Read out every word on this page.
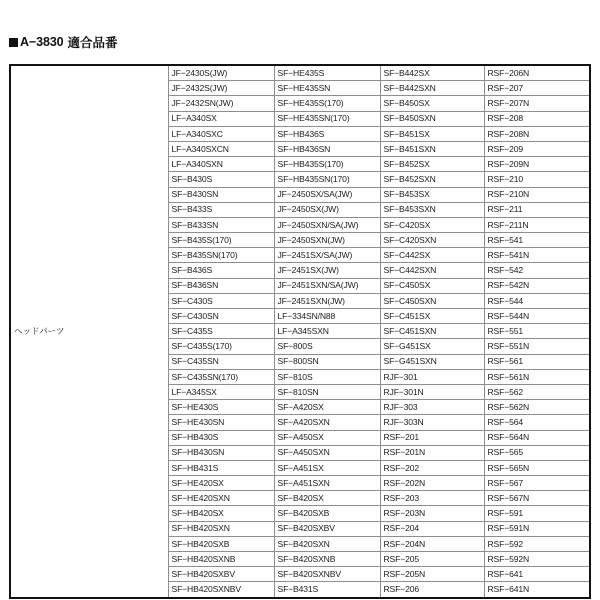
A−3830 適合品番
ヘッドパーツ	JF−2430S(JW)	SF−HE435S	SF−B442SX	RSF−206N
	JF−2432S(JW)	SF−HE435SN	SF−B442SXN	RSF−207
	JF−2432SN(JW)	SF−HE435S(170)	SF−B450SX	RSF−207N
	LF−A340SX	SF−HE435SN(170)	SF−B450SXN	RSF−208
	LF−A340SXC	SF−HB436S	SF−B451SX	RSF−208N
	LF−A340SXCN	SF−HB436SN	SF−B451SXN	RSF−209
	LF−A340SXN	SF−HB435S(170)	SF−B452SX	RSF−209N
	SF−B430S	SF−HB435SN(170)	SF−B452SXN	RSF−210
	SF−B430SN	JF−2450SX/SA(JW)	SF−B453SX	RSF−210N
	SF−B433S	JF−2450SX(JW)	SF−B453SXN	RSF−211
	SF−B433SN	JF−2450SXN/SA(JW)	SF−C420SX	RSF−211N
	SF−B435S(170)	JF−2450SXN(JW)	SF−C420SXN	RSF−541
	SF−B435SN(170)	JF−2451SX/SA(JW)	SF−C442SX	RSF−541N
	SF−B436S	JF−2451SX(JW)	SF−C442SXN	RSF−542
	SF−B436SN	JF−2451SXN/SA(JW)	SF−C450SX	RSF−542N
	SF−C430S	JF−2451SXN(JW)	SF−C450SXN	RSF−544
	SF−C430SN	LF−334SN/N88	SF−C451SX	RSF−544N
	SF−C435S	LF−A345SXN	SF−C451SXN	RSF−551
	SF−C435S(170)	SF−800S	SF−G451SX	RSF−551N
	SF−C435SN	SF−800SN	SF−G451SXN	RSF−561
	SF−C435SN(170)	SF−810S	RJF−301	RSF−561N
	LF−A345SX	SF−810SN	RJF−301N	RSF−562
	SF−HE430S	SF−A420SX	RJF−303	RSF−562N
	SF−HE430SN	SF−A420SXN	RJF−303N	RSF−564
	SF−HB430S	SF−A450SX	RSF−201	RSF−564N
	SF−HB430SN	SF−A450SXN	RSF−201N	RSF−565
	SF−HB431S	SF−A451SX	RSF−202	RSF−565N
	SF−HE420SX	SF−A451SXN	RSF−202N	RSF−567
	SF−HE420SXN	SF−B420SX	RSF−203	RSF−567N
	SF−HB420SX	SF−B420SXB	RSF−203N	RSF−591
	SF−HB420SXN	SF−B420SXBV	RSF−204	RSF−591N
	SF−HB420SXB	SF−B420SXN	RSF−204N	RSF−592
	SF−HB420SXNB	SF−B420SXNB	RSF−205	RSF−592N
	SF−HB420SXBV	SF−B420SXNBV	RSF−205N	RSF−641
	SF−HB420SXNBV	SF−B431S	RSF−206	RSF−641N
